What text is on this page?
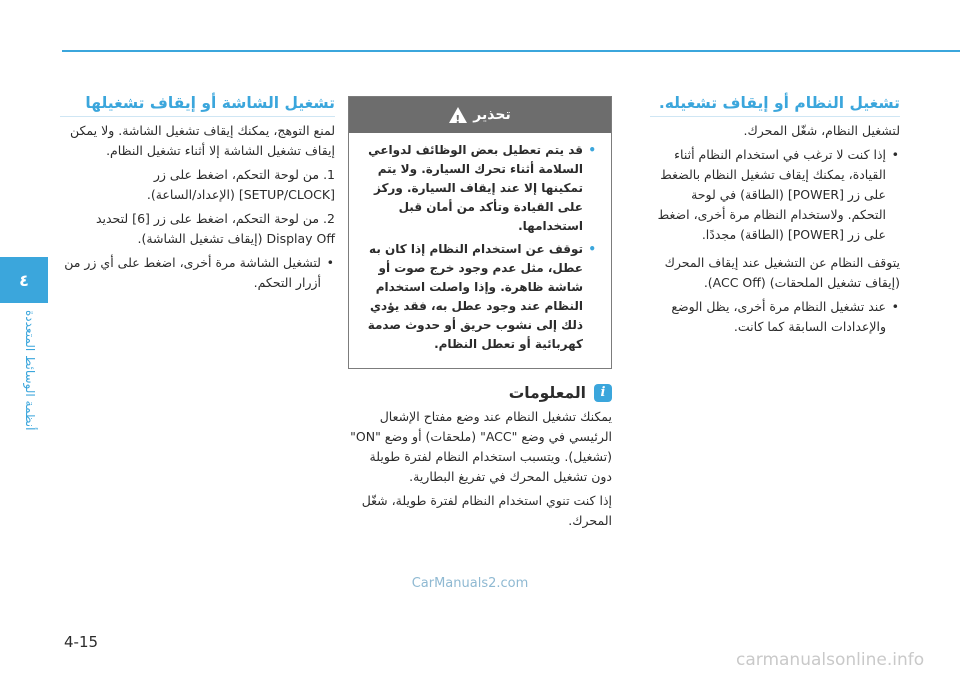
أنظمة الوسائط المتعددة
٤
تشغيل النظام أو إيقاف تشغيله.

لتشغيل النظام، شغّل المحرك.

• إذا كنت لا ترغب في استخدام النظام أثناء القيادة، يمكنك إيقاف تشغيل النظام بالضغط على زر [POWER] (الطاقة) في لوحة التحكم. ولاستخدام النظام مرة أخرى، اضغط على زر [POWER] (الطاقة) مجددًا.

يتوقف النظام عن التشغيل عند إيقاف المحرك (إيقاف تشغيل الملحقات) (ACC Off).

• عند تشغيل النظام مرة أخرى، يظل الوضع والإعدادات السابقة كما كانت.
تحذير
!
• قد يتم تعطيل بعض الوظائف لدواعي السلامة أثناء تحرك السيارة. ولا يتم تمكينها إلا عند إيقاف السيارة. وركز على القيادة وتأكد من أمان قبل استخدامها.
• توقف عن استخدام النظام إذا كان به عطل، مثل عدم وجود خرج صوت أو شاشة ظاهرة. وإذا واصلت استخدام النظام عند وجود عطل به، فقد يؤدي ذلك إلى نشوب حريق أو حدوث صدمة كهربائية أو تعطل النظام.
i
المعلومات

يمكنك تشغيل النظام عند وضع مفتاح الإشعال الرئيسي في وضع "ACC" (ملحقات) أو وضع "ON" (تشغيل). ويتسبب استخدام النظام لفترة طويلة دون تشغيل المحرك في تفريغ البطارية.

إذا كنت تنوي استخدام النظام لفترة طويلة، شغّل المحرك.

تشغيل الشاشة أو إيقاف تشغيلها

لمنع التوهج، يمكنك إيقاف تشغيل الشاشة. ولا يمكن إيقاف تشغيل الشاشة إلا أثناء تشغيل النظام.

1. من لوحة التحكم، اضغط على زر [SETUP/CLOCK] (الإعداد/الساعة).

2. من لوحة التحكم، اضغط على زر [6] لتحديد Display Off (إيقاف تشغيل الشاشة).

• لتشغيل الشاشة مرة أخرى، اضغط على أي زر من أزرار التحكم.
CarManuals2.com
4-15
carmanualsonline.info
